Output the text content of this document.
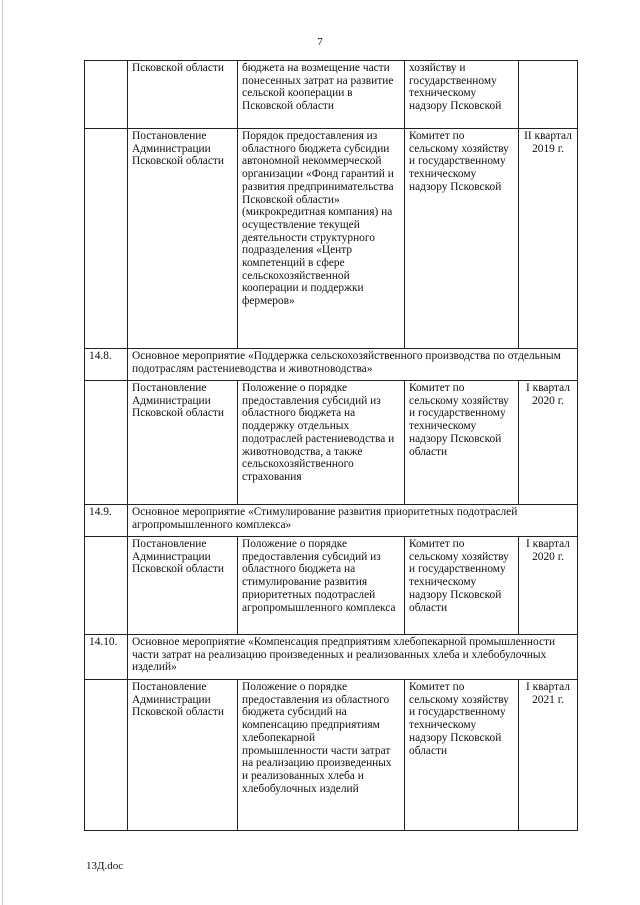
7
	Псковской области	бюджета на возмещение части понесенных затрат на развитие сельской кооперации в Псковской области	хозяйству и государственному техническому надзору Псковской	
	Постановление Администрации Псковской области	Порядок предоставления из областного бюджета субсидии автономной некоммерческой организации «Фонд гарантий и развития предпринимательства Псковской области» (микрокредитная компания) на осуществление текущей деятельности структурного подразделения «Центр компетенций в сфере сельскохозяйственной кооперации и поддержки фермеров»	Комитет по сельскому хозяйству и государственному техническому надзору Псковской	II квартал 2019 г.
14.8.	Основное мероприятие «Поддержка сельскохозяйственного производства по отдельным подотраслям растениеводства и животноводства»			
	Постановление Администрации Псковской области	Положение о порядке предоставления субсидий из областного бюджета на поддержку отдельных подотраслей растениеводства и животноводства, а также сельскохозяйственного страхования	Комитет по сельскому хозяйству и государственному техническому надзору Псковской области	I квартал 2020 г.
14.9.	Основное мероприятие «Стимулирование развития приоритетных подотраслей агропромышленного комплекса»			
	Постановление Администрации Псковской области	Положение о порядке предоставления субсидий из областного бюджета на стимулирование развития приоритетных подотраслей агропромышленного комплекса	Комитет по сельскому хозяйству и государственному техническому надзору Псковской области	I квартал 2020 г.
14.10.	Основное мероприятие «Компенсация предприятиям хлебопекарной промышленности части затрат на реализацию произведенных и реализованных хлеба и хлебобулочных изделий»			
	Постановление Администрации Псковской области	Положение о порядке предоставления из областного бюджета субсидий на компенсацию предприятиям хлебопекарной промышленности части затрат на реализацию произведенных и реализованных хлеба и хлебобулочных изделий	Комитет по сельскому хозяйству и государственному техническому надзору Псковской области	I квартал 2021 г.
13Д.doc
